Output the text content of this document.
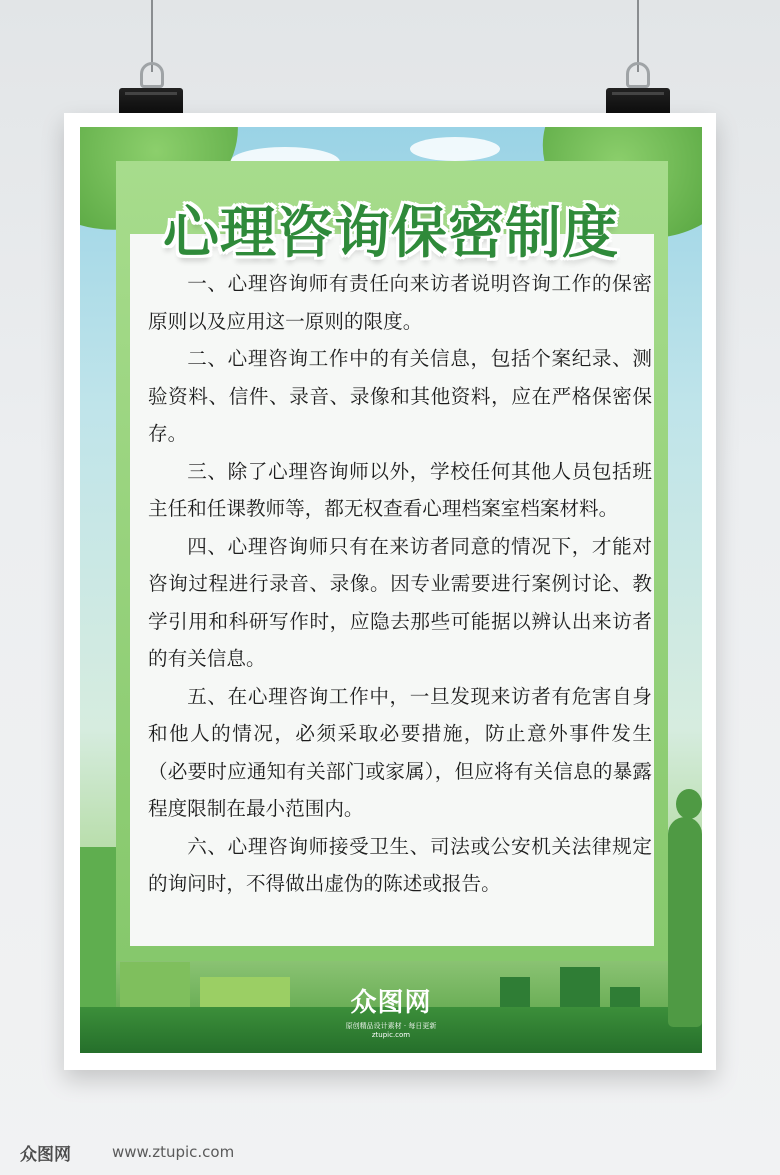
心理咨询保密制度

一、心理咨询师有责任向来访者说明咨询工作的保密原则以及应用这一原则的限度。

二、心理咨询工作中的有关信息，包括个案纪录、测验资料、信件、录音、录像和其他资料，应在严格保密保存。

三、除了心理咨询师以外，学校任何其他人员包括班主任和任课教师等，都无权查看心理档案室档案材料。

四、心理咨询师只有在来访者同意的情况下，才能对咨询过程进行录音、录像。因专业需要进行案例讨论、教学引用和科研写作时，应隐去那些可能据以辨认出来访者的有关信息。

五、在心理咨询工作中，一旦发现来访者有危害自身和他人的情况，必须采取必要措施，防止意外事件发生（必要时应通知有关部门或家属），但应将有关信息的暴露程度限制在最小范围内。

六、心理咨询师接受卫生、司法或公安机关法律规定的询问时，不得做出虚伪的陈述或报告。

众图网
原创精品设计素材 · 每日更新
ztupic.com
众图网	www.ztupic.com
